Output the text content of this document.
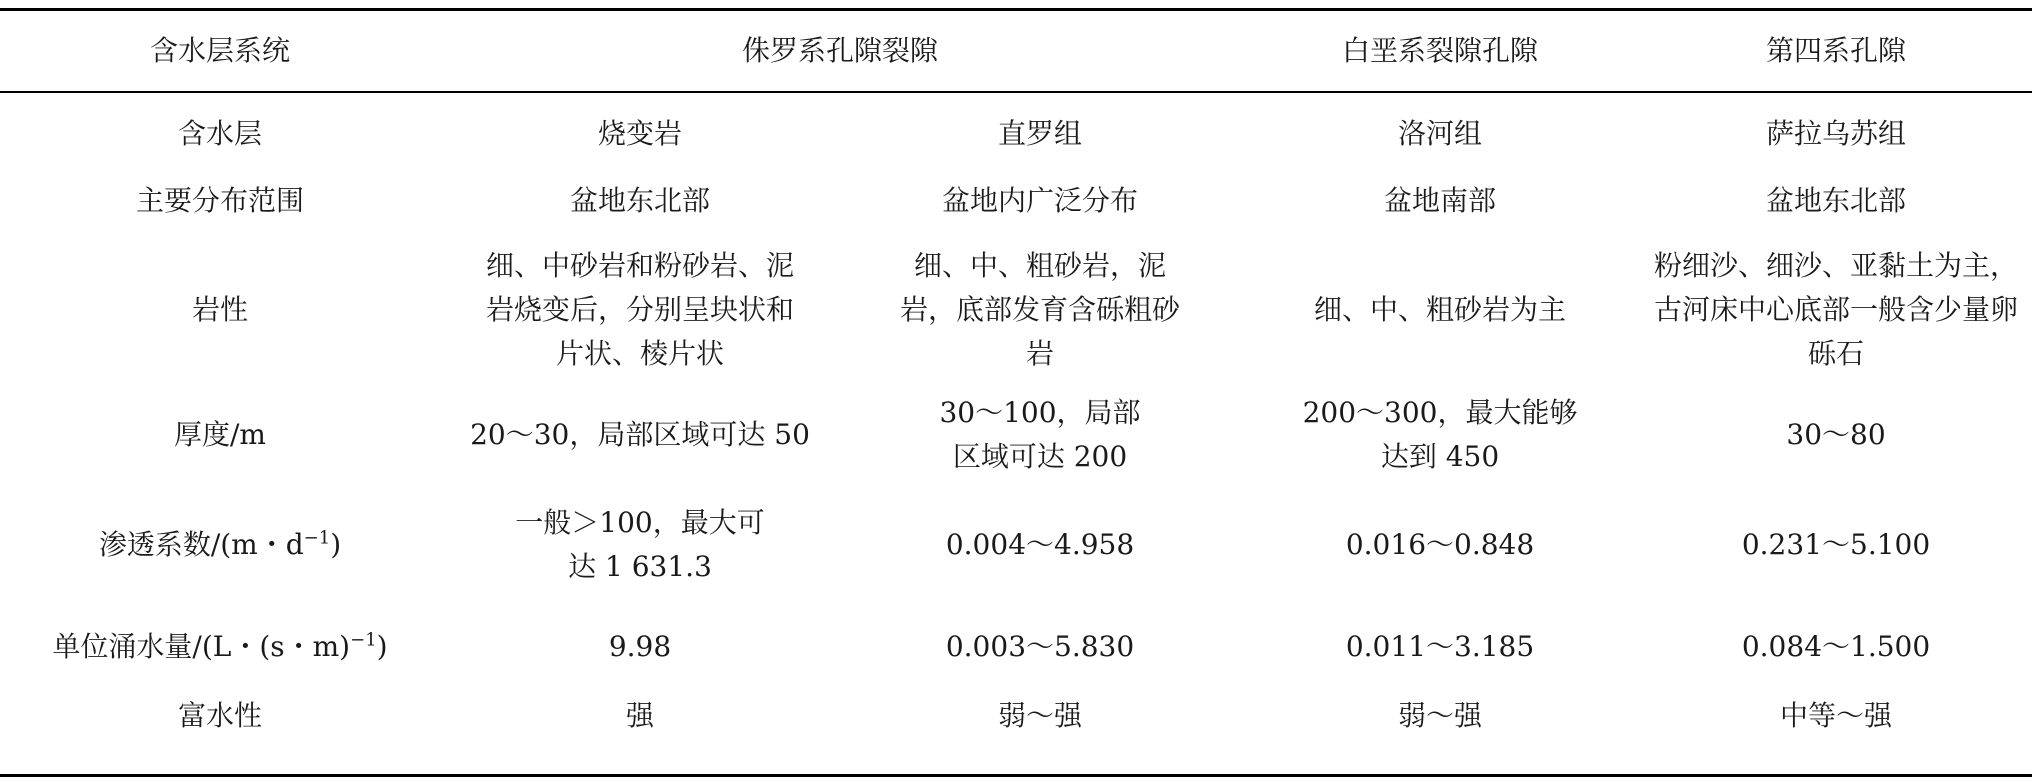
含水层系统	侏罗系孔隙裂隙		白垩系裂隙孔隙	第四系孔隙
含水层	烧变岩	直罗组	洛河组	萨拉乌苏组
主要分布范围	盆地东北部	盆地内广泛分布	盆地南部	盆地东北部
岩性	细、中砂岩和粉砂岩、泥岩烧变后，分别呈块状和片状、棱片状	细、中、粗砂岩，泥岩，底部发育含砾粗砂岩	细、中、粗砂岩为主	粉细沙、细沙、亚黏土为主，古河床中心底部一般含少量卵砾石
厚度/m	20～30，局部区域可达 50	30～100，局部区域可达 200	200～300，最大能够达到 450	30～80
渗透系数/(m・$d^{-1}$)	一般＞100，最大可达 1 631.3	0.004～4.958	0.016～0.848	0.231～5.100
单位涌水量/(L・(s・m)$^{-1}$)	9.98	0.003～5.830	0.011～3.185	0.084～1.500
富水性	强	弱～强	弱～强	中等～强
